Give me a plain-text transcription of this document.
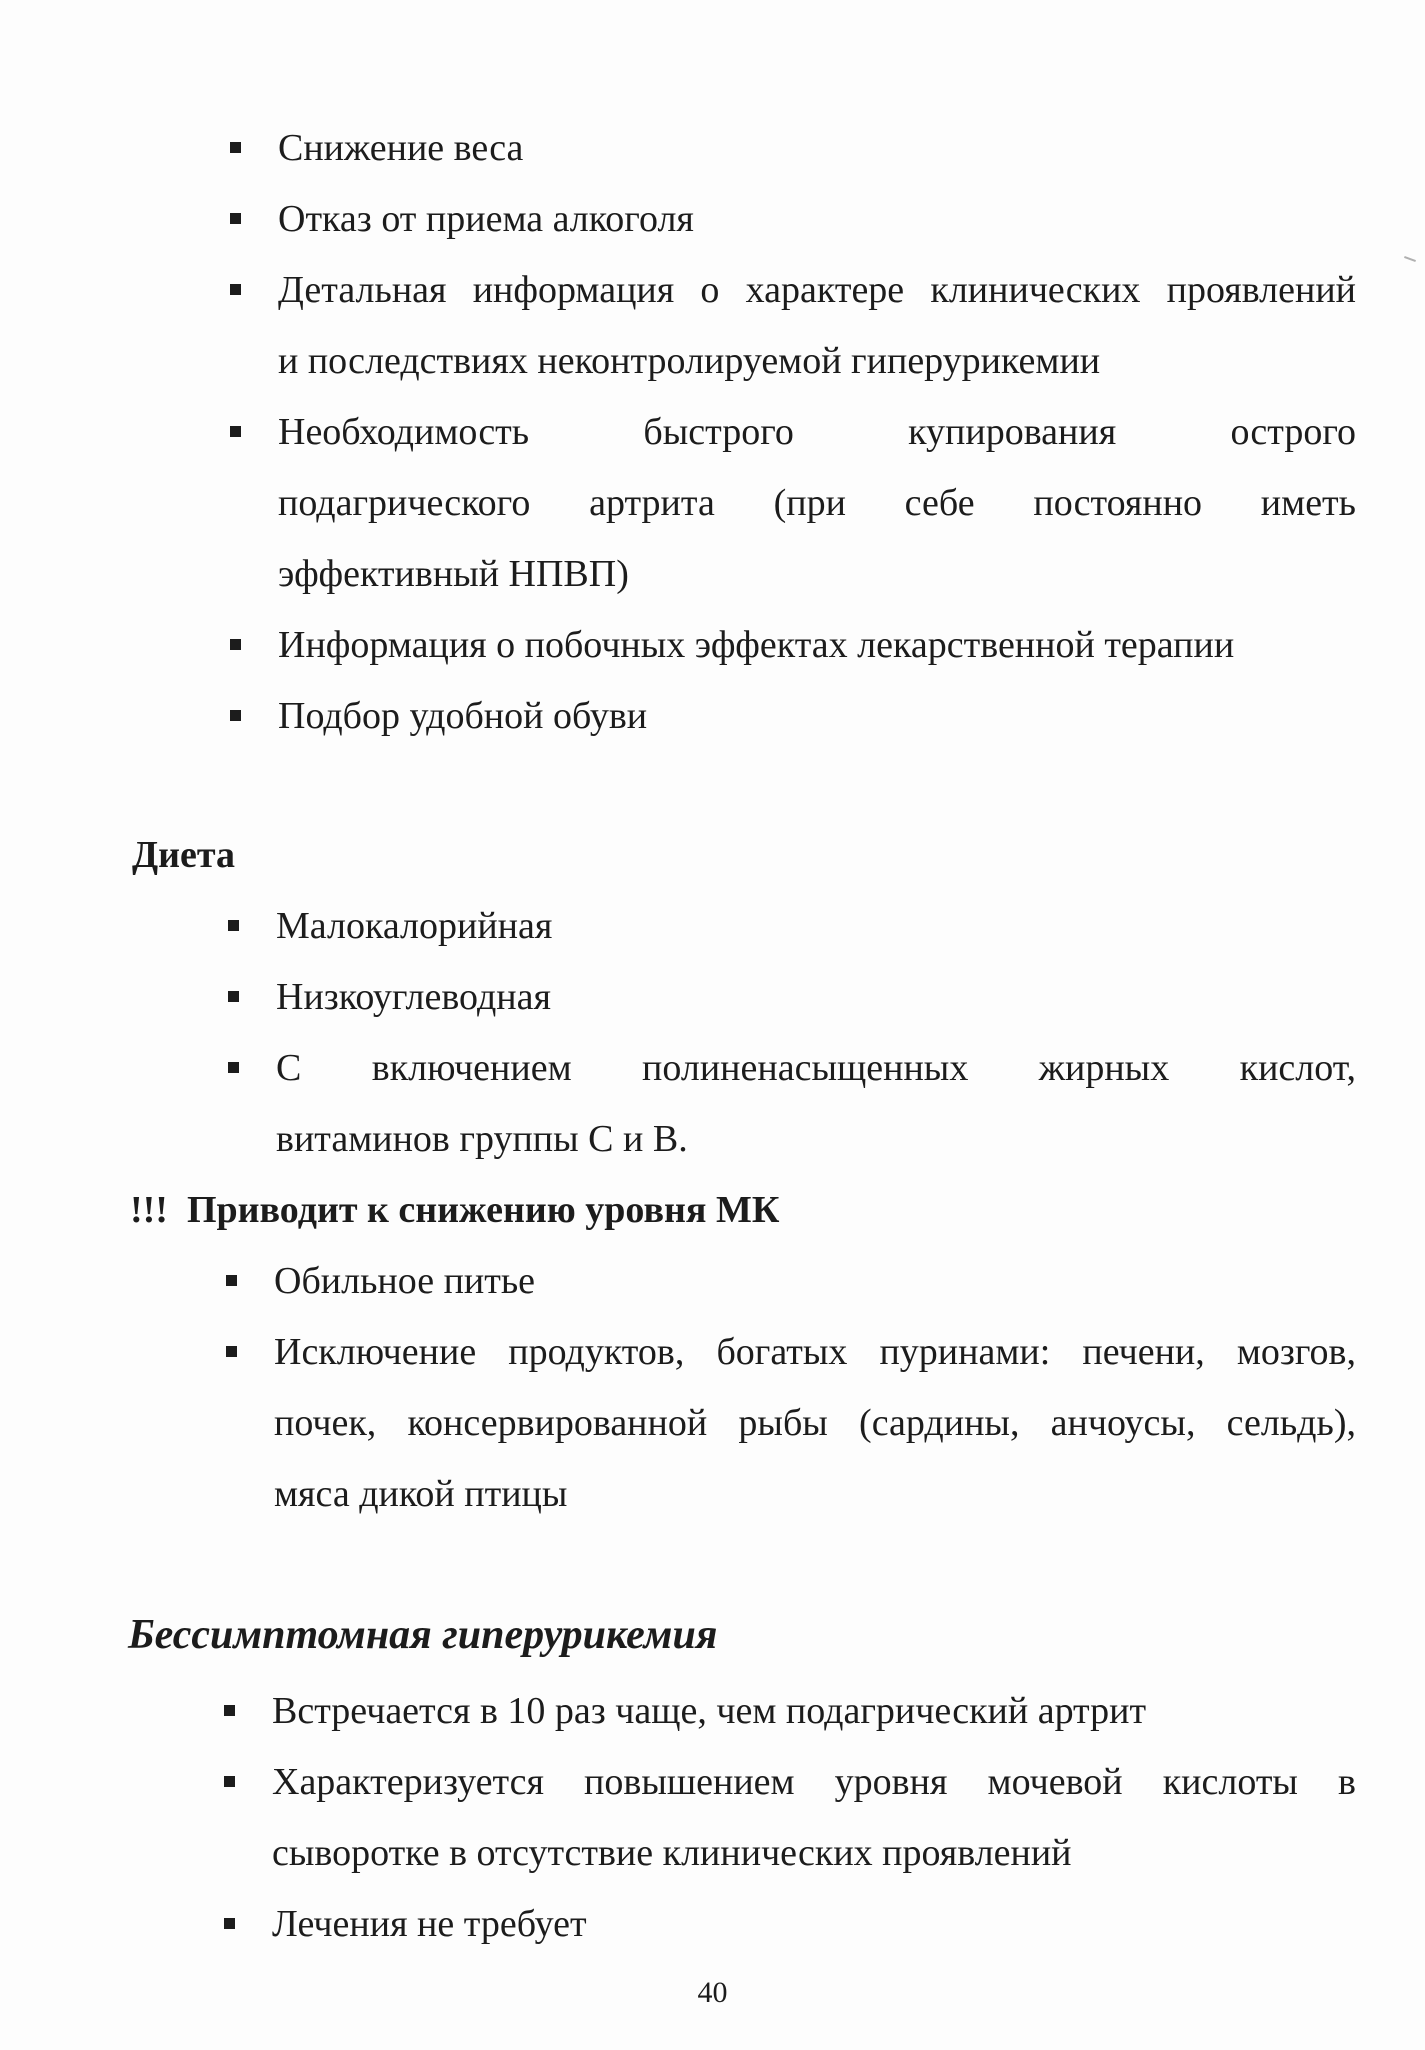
Снижение веса
Отказ от приема алкоголя
Детальная информация о характере клинических проявлений
и последствиях неконтролируемой гиперурикемии
Необходимость быстрого купирования острого
подагрического артрита (при себе постоянно иметь
эффективный НПВП)
Информация о побочных эффектах лекарственной терапии
Подбор удобной обуви
Диета
Малокалорийная
Низкоуглеводная
С включением полиненасыщенных жирных кислот,
витаминов группы С и В.
!!!  Приводит к снижению уровня МК
Обильное питье
Исключение продуктов, богатых пуринами: печени, мозгов,
почек, консервированной рыбы (сардины, анчоусы, сельдь),
мяса дикой птицы
Бессимптомная гиперурикемия
Встречается в 10 раз чаще, чем подагрический артрит
Характеризуется повышением уровня мочевой кислоты в
сыворотке в отсутствие клинических проявлений
Лечения не требует
40
